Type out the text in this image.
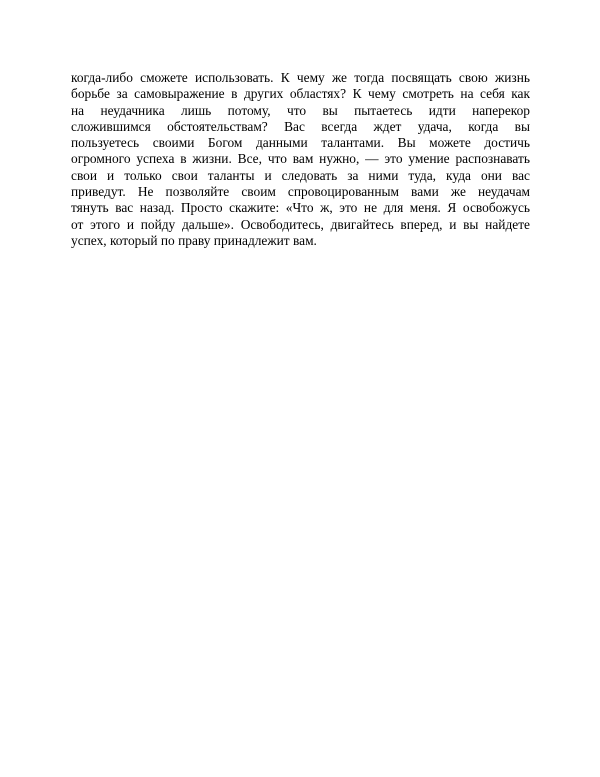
когда-либо сможете использовать. К чему же тогда посвящать свою жизнь
борьбе за самовыражение в других областях? К чему смотреть на себя как
на неудачника лишь потому, что вы пытаетесь идти наперекор
сложившимся обстоятельствам? Вас всегда ждет удача, когда вы
пользуетесь своими Богом данными талантами. Вы можете достичь
огромного успеха в жизни. Все, что вам нужно, — это умение распознавать
свои и только свои таланты и следовать за ними туда, куда они вас
приведут. Не позволяйте своим спровоцированным вами же неудачам
тянуть вас назад. Просто скажите: «Что ж, это не для меня. Я освобожусь
от этого и пойду дальше». Освободитесь, двигайтесь вперед, и вы найдете
успех, который по праву принадлежит вам.
